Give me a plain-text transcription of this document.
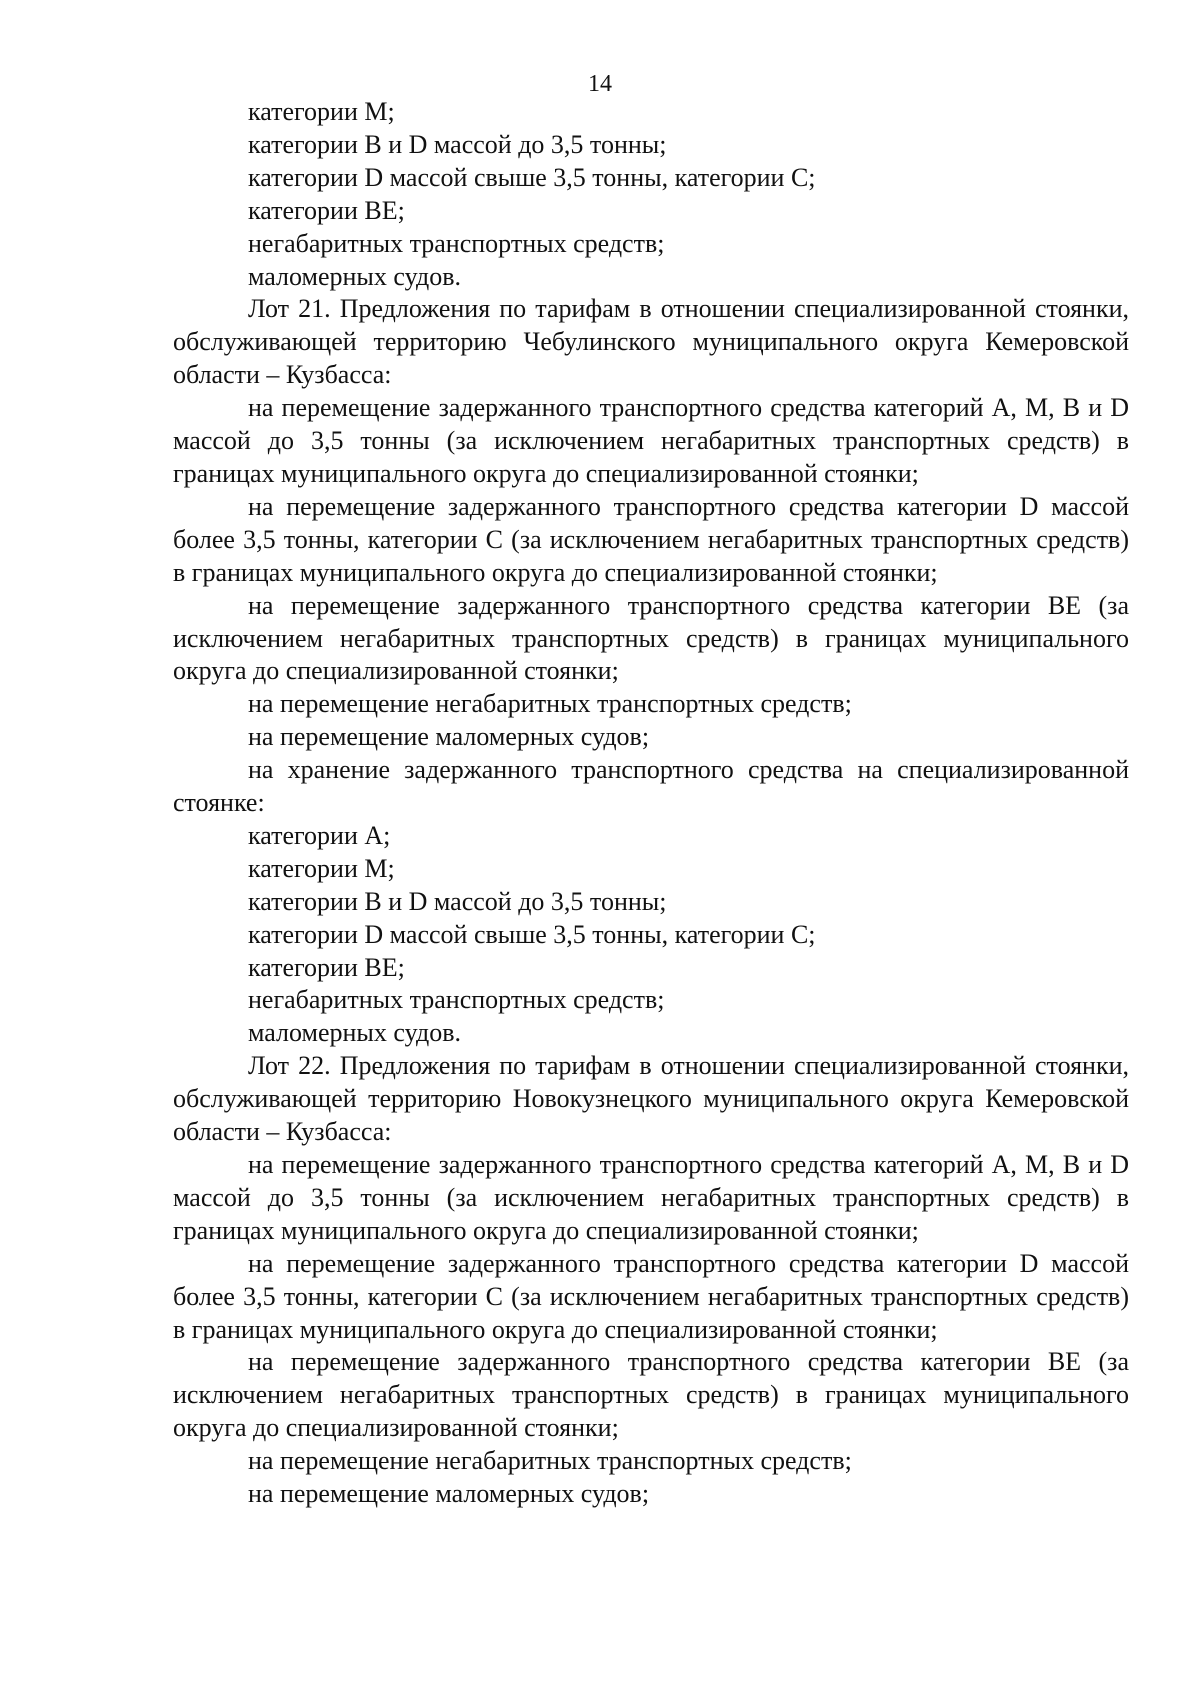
14

категории М;

категории В и D массой до 3,5 тонны;

категории D массой свыше 3,5 тонны, категории С;

категории ВЕ;

негабаритных транспортных средств;

маломерных судов.

Лот 21. Предложения по тарифам в отношении специализированной стоянки, обслуживающей территорию Чебулинского муниципального округа Кемеровской области – Кузбасса:

на перемещение задержанного транспортного средства категорий А, М, В и D массой до 3,5 тонны (за исключением негабаритных транспортных средств) в границах муниципального округа до специализированной стоянки;

на перемещение задержанного транспортного средства категории D массой более 3,5 тонны, категории С (за исключением негабаритных транспортных средств) в границах муниципального округа до специализированной стоянки;

на перемещение задержанного транспортного средства категории ВЕ (за исключением негабаритных транспортных средств) в границах муниципального округа до специализированной стоянки;

на перемещение негабаритных транспортных средств;

на перемещение маломерных судов;

на хранение задержанного транспортного средства на специализированной стоянке:

категории А;

категории М;

категории В и D массой до 3,5 тонны;

категории D массой свыше 3,5 тонны, категории С;

категории ВЕ;

негабаритных транспортных средств;

маломерных судов.

Лот 22. Предложения по тарифам в отношении специализированной стоянки, обслуживающей территорию Новокузнецкого муниципального округа Кемеровской области – Кузбасса:

на перемещение задержанного транспортного средства категорий А, М, В и D массой до 3,5 тонны (за исключением негабаритных транспортных средств) в границах муниципального округа до специализированной стоянки;

на перемещение задержанного транспортного средства категории D массой более 3,5 тонны, категории С (за исключением негабаритных транспортных средств) в границах муниципального округа до специализированной стоянки;

на перемещение задержанного транспортного средства категории ВЕ (за исключением негабаритных транспортных средств) в границах муниципального округа до специализированной стоянки;

на перемещение негабаритных транспортных средств;

на перемещение маломерных судов;
